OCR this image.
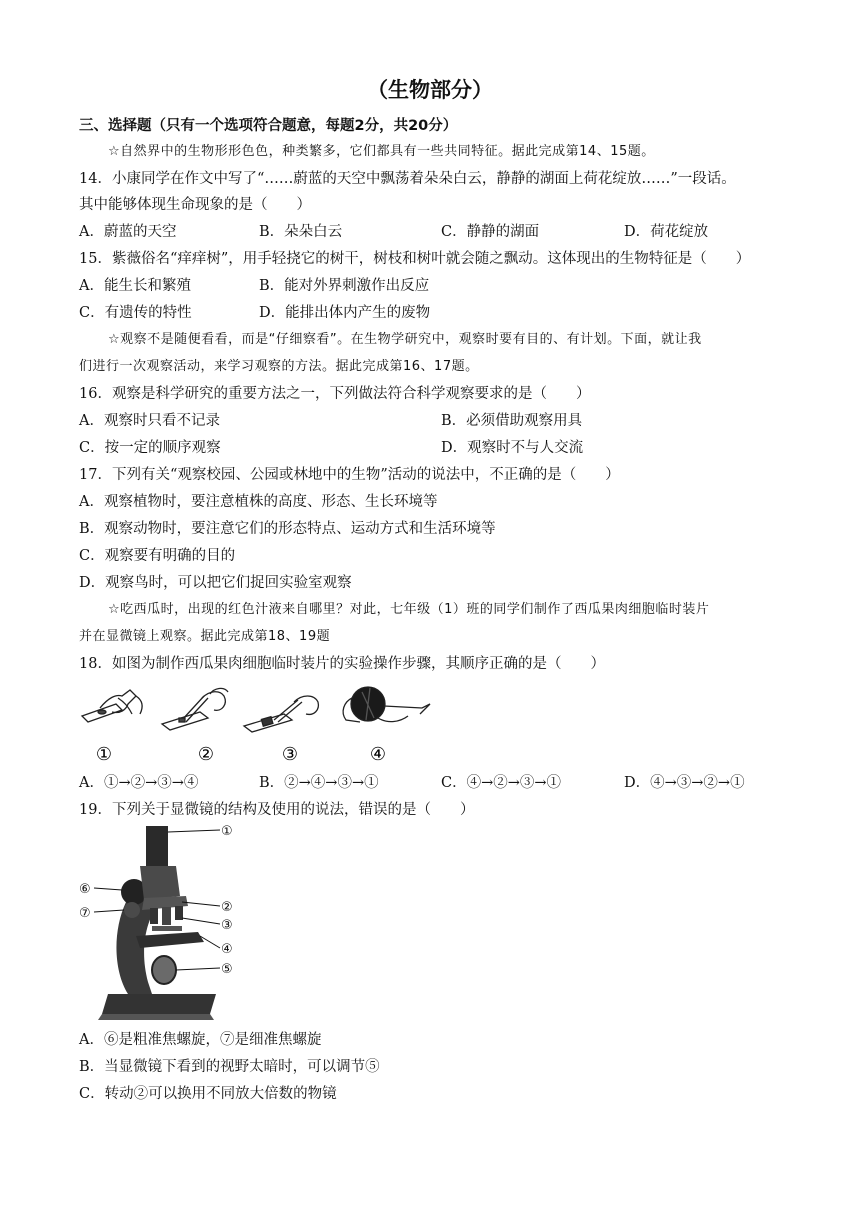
（生物部分）
三、选择题（只有一个选项符合题意，每题2分，共20分）
☆自然界中的生物形形色色，种类繁多，它们都具有一些共同特征。据此完成第14、15题。
14．小康同学在作文中写了“……蔚蓝的天空中飘荡着朵朵白云，静静的湖面上荷花绽放……”一段话。
其中能够体现生命现象的是（　　）
A．蔚蓝的天空	B．朵朵白云	C．静静的湖面	D．荷花绽放
15．紫薇俗名“痒痒树”，用手轻挠它的树干，树枝和树叶就会随之飘动。这体现出的生物特征是（　　）
A．能生长和繁殖	B．能对外界刺激作出反应
C．有遗传的特性	D．能排出体内产生的废物
☆观察不是随便看看，而是“仔细察看”。在生物学研究中，观察时要有目的、有计划。下面，就让我
们进行一次观察活动，来学习观察的方法。据此完成第16、17题。
16．观察是科学研究的重要方法之一，下列做法符合科学观察要求的是（　　）
A．观察时只看不记录	B．必须借助观察用具
C．按一定的顺序观察	D．观察时不与人交流
17．下列有关“观察校园、公园或林地中的生物”活动的说法中，不正确的是（　　）
A．观察植物时，要注意植株的高度、形态、生长环境等
B．观察动物时，要注意它们的形态特点、运动方式和生活环境等
C．观察要有明确的目的
D．观察鸟时，可以把它们捉回实验室观察
☆吃西瓜时，出现的红色汁液来自哪里？对此，七年级（1）班的同学们制作了西瓜果肉细胞临时装片
并在显微镜上观察。据此完成第18、19题
18．如图为制作西瓜果肉细胞临时装片的实验操作步骤，其顺序正确的是（　　）
①	②	③	④
A．①→②→③→④	B．②→④→③→①	C．④→②→③→①	D．④→③→②→①
19．下列关于显微镜的结构及使用的说法，错误的是（　　）
①
②
③
④
⑤
⑥
⑦
A．⑥是粗准焦螺旋，⑦是细准焦螺旋
B．当显微镜下看到的视野太暗时，可以调节⑤
C．转动②可以换用不同放大倍数的物镜
